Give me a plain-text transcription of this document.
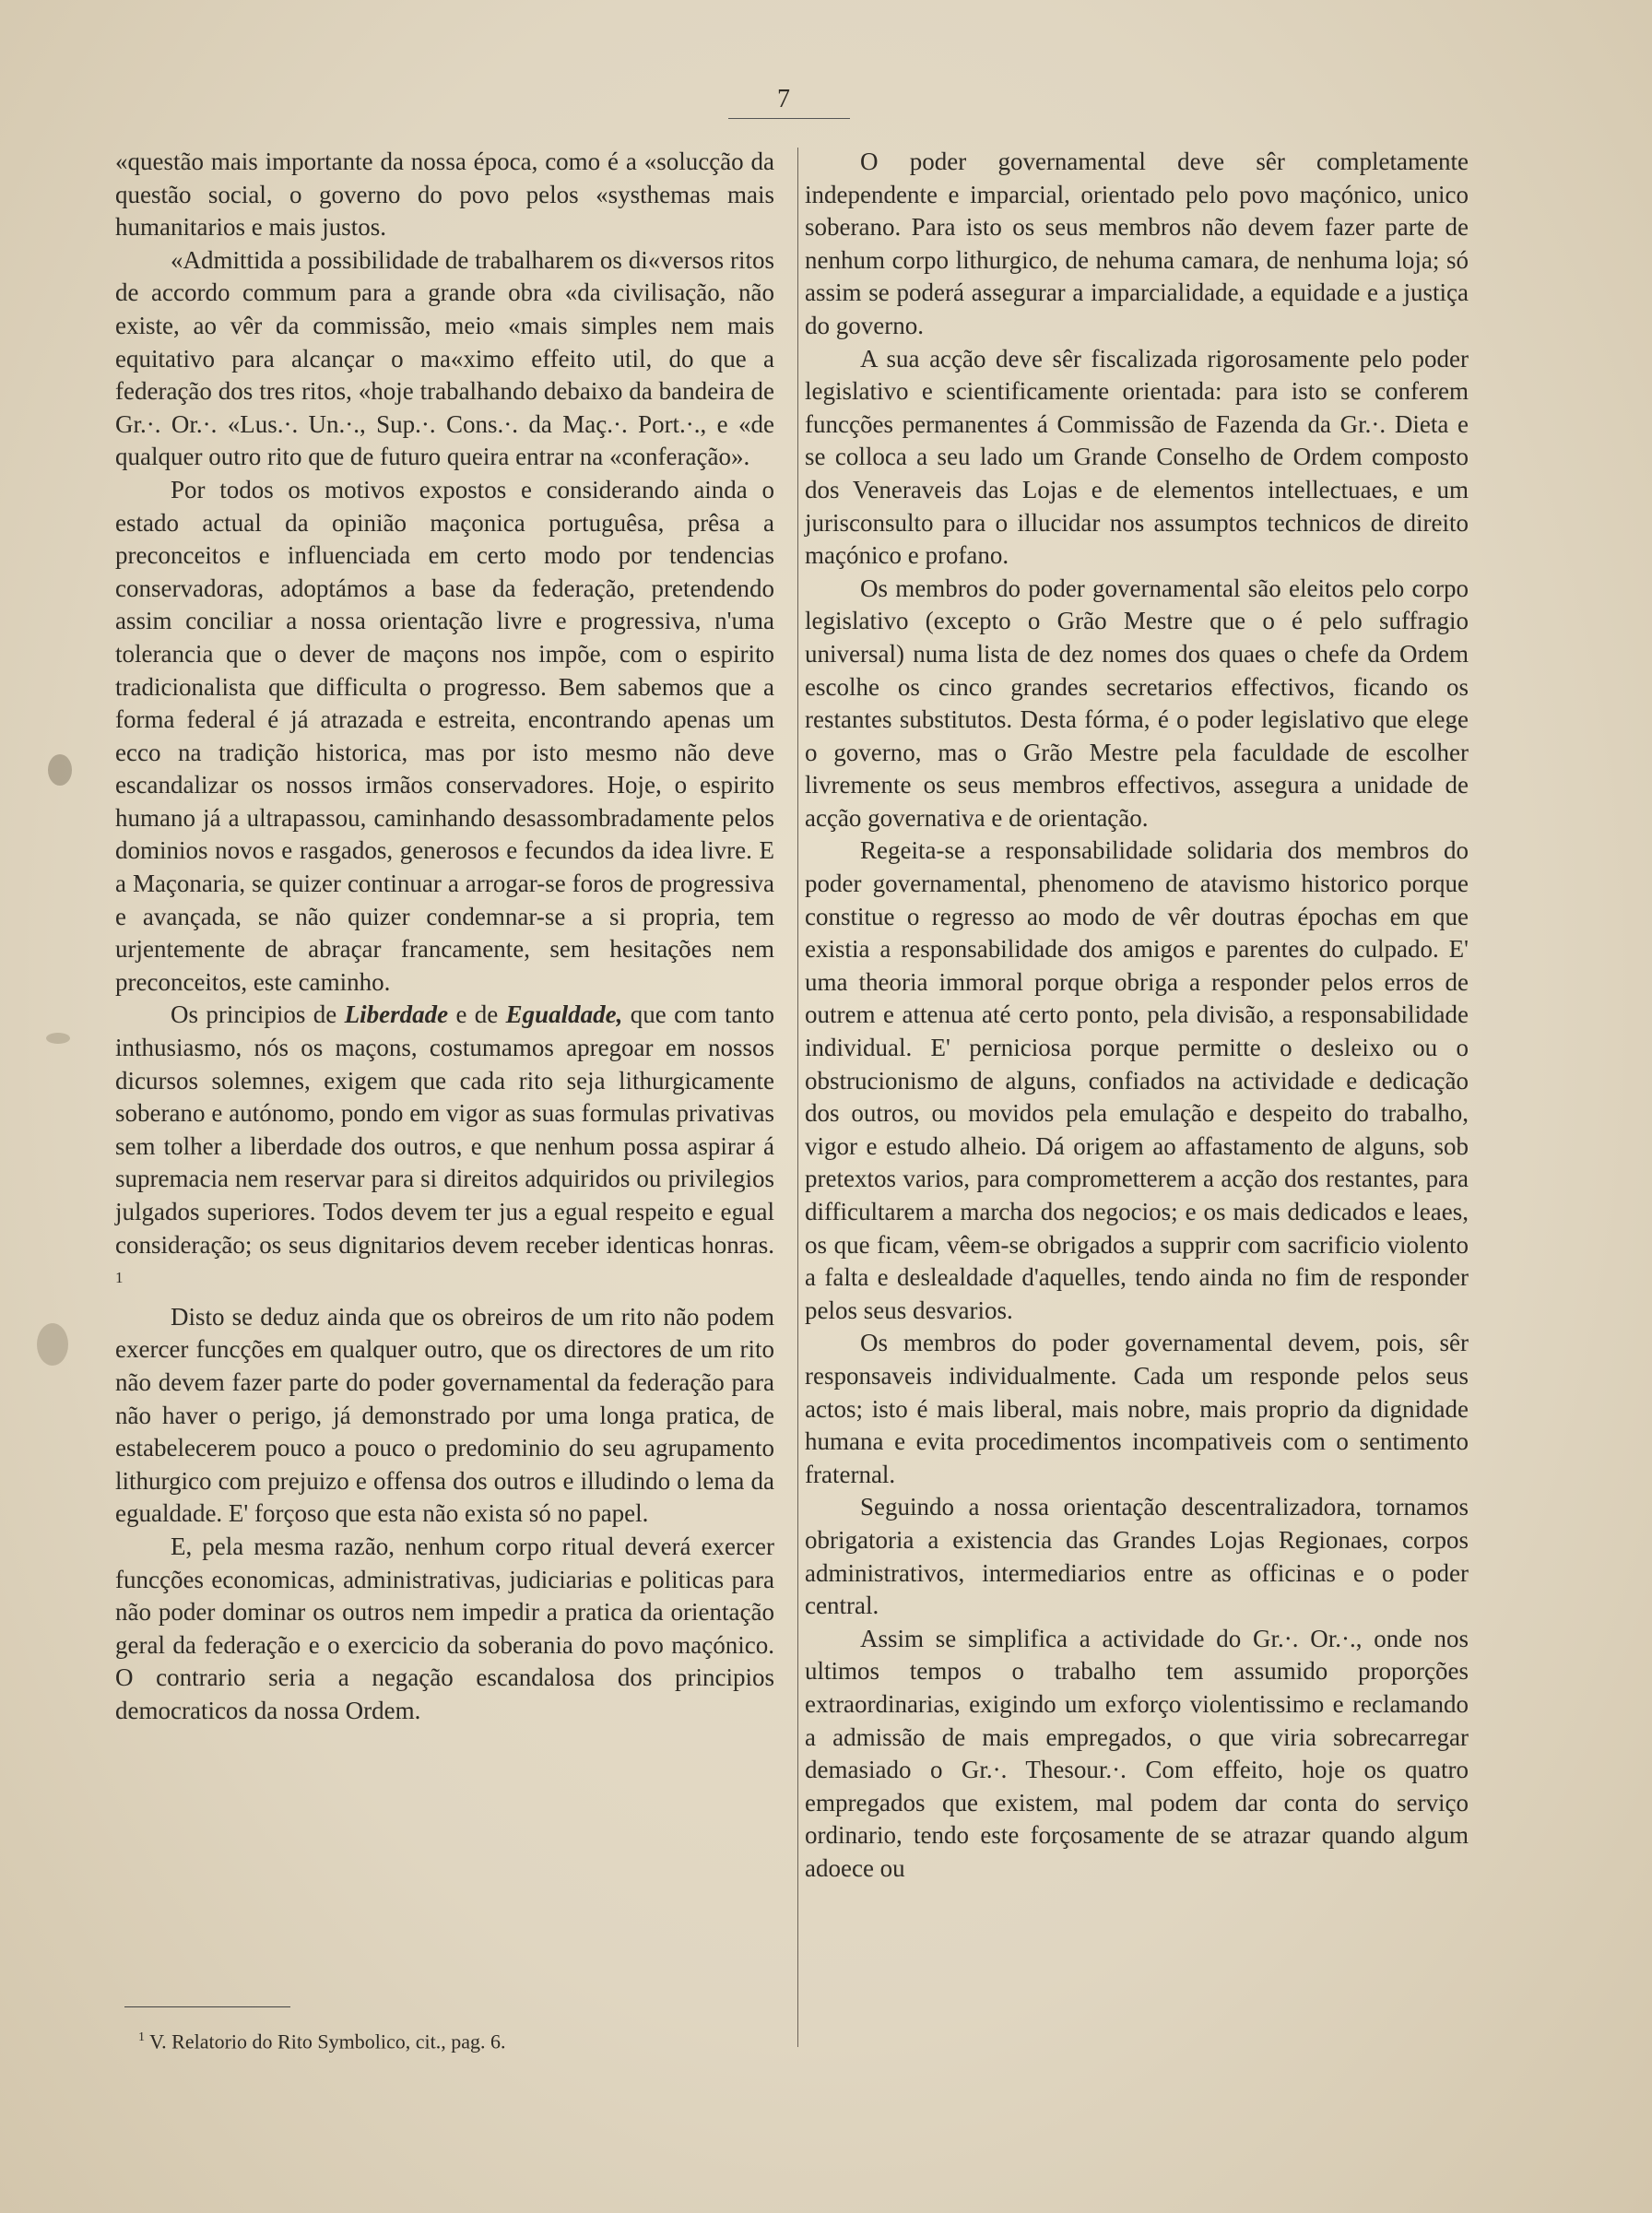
7

«questão mais importante da nossa época, como é a «solucção da questão social, o governo do povo pelos «systhemas mais humanitarios e mais justos.

«Admittida a possibilidade de trabalharem os di«versos ritos de accordo commum para a grande obra «da civilisação, não existe, ao vêr da commissão, meio «mais simples nem mais equitativo para alcançar o ma«ximo effeito util, do que a federação dos tres ritos, «hoje trabalhando debaixo da bandeira de Gr.·. Or.·. «Lus.·. Un.·., Sup.·. Cons.·. da Maç.·. Port.·., e «de qualquer outro rito que de futuro queira entrar na «conferação».

Por todos os motivos expostos e considerando ainda o estado actual da opinião maçonica portuguêsa, prêsa a preconceitos e influenciada em certo modo por tendencias conservadoras, adoptámos a base da federação, pretendendo assim conciliar a nossa orientação livre e progressiva, n'uma tolerancia que o dever de maçons nos impõe, com o espirito tradicionalista que difficulta o progresso. Bem sabemos que a forma federal é já atrazada e estreita, encontrando apenas um ecco na tradição historica, mas por isto mesmo não deve escandalizar os nossos irmãos conservadores. Hoje, o espirito humano já a ultrapassou, caminhando desassombradamente pelos dominios novos e rasgados, generosos e fecundos da idea livre. E a Maçonaria, se quizer continuar a arrogar-se foros de progressiva e avançada, se não quizer condemnar-se a si propria, tem urjentemente de abraçar francamente, sem hesitações nem preconceitos, este caminho.

Os principios de Liberdade e de Egualdade, que com tanto inthusiasmo, nós os maçons, costumamos apregoar em nossos dicursos solemnes, exigem que cada rito seja lithurgicamente soberano e autónomo, pondo em vigor as suas formulas privativas sem tolher a liberdade dos outros, e que nenhum possa aspirar á supremacia nem reservar para si direitos adquiridos ou privilegios julgados superiores. Todos devem ter jus a egual respeito e egual consideração; os seus dignitarios devem receber identicas honras. $^1$

Disto se deduz ainda que os obreiros de um rito não podem exercer funcções em qualquer outro, que os directores de um rito não devem fazer parte do poder governamental da federação para não haver o perigo, já demonstrado por uma longa pratica, de estabelecerem pouco a pouco o predominio do seu agrupamento lithurgico com prejuizo e offensa dos outros e illudindo o lema da egualdade. E' forçoso que esta não exista só no papel.

E, pela mesma razão, nenhum corpo ritual deverá exercer funcções economicas, administrativas, judiciarias e politicas para não poder dominar os outros nem impedir a pratica da orientação geral da federação e o exercicio da soberania do povo maçónico. O contrario seria a negação escandalosa dos principios democraticos da nossa Ordem.

O poder governamental deve sêr completamente independente e imparcial, orientado pelo povo maçónico, unico soberano. Para isto os seus membros não devem fazer parte de nenhum corpo lithurgico, de nehuma camara, de nenhuma loja; só assim se poderá assegurar a imparcialidade, a equidade e a justiça do governo.

A sua acção deve sêr fiscalizada rigorosamente pelo poder legislativo e scientificamente orientada: para isto se conferem funcções permanentes á Commissão de Fazenda da Gr.·. Dieta e se colloca a seu lado um Grande Conselho de Ordem composto dos Veneraveis das Lojas e de elementos intellectuaes, e um jurisconsulto para o illucidar nos assumptos technicos de direito maçónico e profano.

Os membros do poder governamental são eleitos pelo corpo legislativo (excepto o Grão Mestre que o é pelo suffragio universal) numa lista de dez nomes dos quaes o chefe da Ordem escolhe os cinco grandes secretarios effectivos, ficando os restantes substitutos. Desta fórma, é o poder legislativo que elege o governo, mas o Grão Mestre pela faculdade de escolher livremente os seus membros effectivos, assegura a unidade de acção governativa e de orientação.

Regeita-se a responsabilidade solidaria dos membros do poder governamental, phenomeno de atavismo historico porque constitue o regresso ao modo de vêr doutras épochas em que existia a responsabilidade dos amigos e parentes do culpado. E' uma theoria immoral porque obriga a responder pelos erros de outrem e attenua até certo ponto, pela divisão, a responsabilidade individual. E' perniciosa porque permitte o desleixo ou o obstrucionismo de alguns, confiados na actividade e dedicação dos outros, ou movidos pela emulação e despeito do trabalho, vigor e estudo alheio. Dá origem ao affastamento de alguns, sob pretextos varios, para comprometterem a acção dos restantes, para difficultarem a marcha dos negocios; e os mais dedicados e leaes, os que ficam, vêem-se obrigados a supprir com sacrificio violento a falta e deslealdade d'aquelles, tendo ainda no fim de responder pelos seus desvarios.

Os membros do poder governamental devem, pois, sêr responsaveis individualmente. Cada um responde pelos seus actos; isto é mais liberal, mais nobre, mais proprio da dignidade humana e evita procedimentos incompativeis com o sentimento fraternal.

Seguindo a nossa orientação descentralizadora, tornamos obrigatoria a existencia das Grandes Lojas Regionaes, corpos administrativos, intermediarios entre as officinas e o poder central.

Assim se simplifica a actividade do Gr.·. Or.·., onde nos ultimos tempos o trabalho tem assumido proporções extraordinarias, exigindo um exforço violentissimo e reclamando a admissão de mais empregados, o que viria sobrecarregar demasiado o Gr.·. Thesour.·. Com effeito, hoje os quatro empregados que existem, mal podem dar conta do serviço ordinario, tendo este forçosamente de se atrazar quando algum adoece ou

$^1$ V. Relatorio do Rito Symbolico, cit., pag. 6.
